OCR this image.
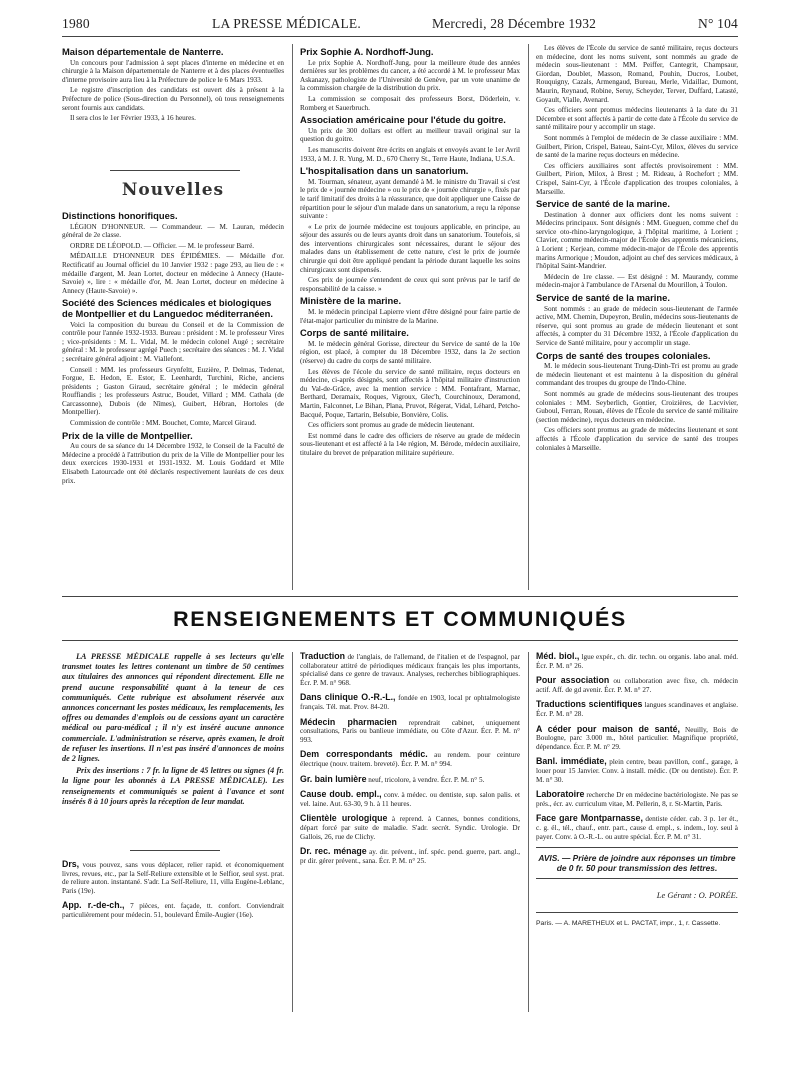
1980	LA PRESSE MÉDICALE.	Mercredi, 28 Décembre 1932	N° 104
Maison départementale de Nanterre.

Un concours pour l'admission à sept places d'interne en médecine et en chirurgie à la Maison départementale de Nanterre et à des places éventuelles d'interne provisoire aura lieu à la Préfecture de police le 6 Mars 1933.

Le registre d'inscription des candidats est ouvert dès à présent à la Préfecture de police (Sous-direction du Personnel), où tous renseignements seront fournis aux candidats.

Il sera clos le 1er Février 1933, à 16 heures.

Nouvelles
Distinctions honorifiques.

LÉGION D'HONNEUR. — Commandeur. — M. Lauran, médecin général de 2e classe.

ORDRE DE LÉOPOLD. — Officier. — M. le professeur Barré.

MÉDAILLE D'HONNEUR DES ÉPIDÉMIES. — Médaille d'or. Rectificatif au Journal officiel du 10 Janvier 1932 : page 293, au lieu de : « médaille d'argent, M. Jean Lortet, docteur en médecine à Annecy (Haute-Savoie) », lire : « médaille d'or, M. Jean Lortet, docteur en médecine à Annecy (Haute-Savoie) ».

Société des Sciences médicales et biologiques de Montpellier et du Languedoc méditerranéen.

Voici la composition du bureau du Conseil et de la Commission de contrôle pour l'année 1932-1933. Bureau : président : M. le professeur Vires ; vice-présidents : M. L. Vidal, M. le médecin colonel Augé ; secrétaire général : M. le professeur agrégé Puech ; secrétaire des séances : M. J. Vidal ; secrétaire général adjoint : M. Viallefont.

Conseil : MM. les professeurs Grynfeltt, Euzière, P. Delmas, Tedenat, Forgue, E. Hedon, E. Estor, E. Leenhardt, Turchini, Riche, anciens présidents ; Gaston Giraud, secrétaire général ; le médecin général Rouffiandis ; les professeurs Astruc, Boudet, Villard ; MM. Cathala (de Carcassonne), Dubois (de Nîmes), Guibert, Hébran, Hortoles (de Montpellier).

Commission de contrôle : MM. Bouchet, Comte, Marcel Giraud.

Prix de la ville de Montpellier.

Au cours de sa séance du 14 Décembre 1932, le Conseil de la Faculté de Médecine a procédé à l'attribution du prix de la Ville de Montpellier pour les deux exercices 1930-1931 et 1931-1932. M. Louis Goddard et Mlle Elisabeth Latourcade ont été déclarés respectivement lauréats de ces deux prix.

Prix Sophie A. Nordhoff-Jung.

Le prix Sophie A. Nordhoff-Jung, pour la meilleure étude des années dernières sur les problèmes du cancer, a été accordé à M. le professeur Max Askanazy, pathologiste de l'Université de Genève, par un vote unanime de la commission chargée de la distribution du prix.

La commission se composait des professeurs Borst, Döderlein, v. Romberg et Sauerbruch.

Association américaine pour l'étude du goitre.

Un prix de 300 dollars est offert au meilleur travail original sur la question du goitre.

Les manuscrits doivent être écrits en anglais et envoyés avant le 1er Avril 1933, à M. J. R. Yung, M. D., 670 Cherry St., Terre Haute, Indiana, U.S.A.

L'hospitalisation dans un sanatorium.

M. Tourman, sénateur, ayant demandé à M. le ministre du Travail si c'est le prix de « journée médecine » ou le prix de « journée chirurgie », fixés par le tarif limitatif des droits à la réassurance, que doit appliquer une Caisse de répartition pour le séjour d'un malade dans un sanatorium, a reçu la réponse suivante :

« Le prix de journée médecine est toujours applicable, en principe, au séjour des assurés ou de leurs ayants droit dans un sanatorium. Toutefois, si des interventions chirurgicales sont nécessaires, durant le séjour des malades dans un établissement de cette nature, c'est le prix de journée chirurgie qui doit être appliqué pendant la période durant laquelle les soins chirurgicaux sont dispensés.

Ces prix de journée s'entendent de ceux qui sont prévus par le tarif de responsabilité de la caisse. »

Ministère de la marine.

M. le médecin principal Lapierre vient d'être désigné pour faire partie de l'état-major particulier du ministre de la Marine.

Corps de santé militaire.

M. le médecin général Gorisse, directeur du Service de santé de la 10e région, est placé, à compter du 18 Décembre 1932, dans la 2e section (réserve) du cadre du corps de santé militaire.

Les élèves de l'école du service de santé militaire, reçus docteurs en médecine, ci-après désignés, sont affectés à l'hôpital militaire d'instruction du Val-de-Grâce, avec la mention service : MM. Fontafrant, Marnac, Berthard, Deramaix, Roques, Vigroux, Glec'h, Courchinoux, Deramond, Martin, Falconnet, Le Bihan, Plana, Pruvot, Régerat, Vidal, Léhard, Petcho-Bacqué, Poque, Tartarin, Belsubie, Bonvière, Colis.

Ces officiers sont promus au grade de médecin lieutenant.

Est nommé dans le cadre des officiers de réserve au grade de médecin sous-lieutenant et est affecté à la 14e région, M. Bérode, médecin auxiliaire, titulaire du brevet de préparation militaire supérieure.

Les élèves de l'École du service de santé militaire, reçus docteurs en médecine, dont les noms suivent, sont nommés au grade de médecin sous-lieutenant : MM. Peiffer, Cantegrit, Champsaur, Giordan, Doublet, Masson, Romand, Pouhin, Ducros, Loubet, Rouquigny, Cazals, Armengaud, Bureau, Merle, Vidaillac, Dumont, Maurin, Reynaud, Robine, Seruy, Scheyder, Terver, Duffard, Latasté, Goyault, Vialle, Avenard.

Ces officiers sont promus médecins lieutenants à la date du 31 Décembre et sont affectés à partir de cette date à l'École du service de santé militaire pour y accomplir un stage.

Sont nommés à l'emploi de médecin de 3e classe auxiliaire : MM. Guilbert, Pirion, Crispel, Bateau, Saint-Cyr, Milox, élèves du service de santé de la marine reçus docteurs en médecine.

Ces officiers auxiliaires sont affectés provisoirement : MM. Guilbert, Pirion, Milox, à Brest ; M. Rideau, à Rochefort ; MM. Crispel, Saint-Cyr, à l'École d'application des troupes coloniales, à Marseille.

Service de santé de la marine.

Destination à donner aux officiers dont les noms suivent : Médecins principaux. Sont désignés : MM. Gueguen, comme chef du service oto-rhino-laryngologique, à l'hôpital maritime, à Lorient ; Clavier, comme médecin-major de l'École des apprentis mécaniciens, à Lorient ; Kerjean, comme médecin-major de l'École des apprentis marins Armorique ; Moudon, adjoint au chef des services médicaux, à l'hôpital Saint-Mandrier.

Médecin de 1re classe. — Est désigné : M. Maurandy, comme médecin-major à l'ambulance de l'Arsenal du Mourillon, à Toulon.

Service de santé de la marine.

Sont nommés : au grade de médecin sous-lieutenant de l'armée active, MM. Chemin, Dupeyron, Brulin, médecins sous-lieutenants de réserve, qui sont promus au grade de médecin lieutenant et sont affectés, à compter du 31 Décembre 1932, à l'École d'application du Service de Santé militaire, pour y accomplir un stage.

Corps de santé des troupes coloniales.

M. le médecin sous-lieutenant Trung-Dinh-Tri est promu au grade de médecin lieutenant et est maintenu à la disposition du général commandant des troupes du groupe de l'Indo-Chine.

Sont nommés au grade de médecins sous-lieutenant des troupes coloniales : MM. Seyberlich, Gontier, Croizières, de Lacvivier, Guboul, Ferran, Rouan, élèves de l'École du service de santé militaire (section médecine), reçus docteurs en médecine.

Ces officiers sont promus au grade de médecins lieutenant et sont affectés à l'École d'application du service de santé des troupes coloniales à Marseille.

RENSEIGNEMENTS ET COMMUNIQUÉS

LA PRESSE MÉDICALE rappelle à ses lecteurs qu'elle transmet toutes les lettres contenant un timbre de 50 centimes aux titulaires des annonces qui répondent directement. Elle ne prend aucune responsabilité quant à la teneur de ces communiqués. Cette rubrique est absolument réservée aux annonces concernant les postes médicaux, les remplacements, les offres ou demandes d'emplois ou de cessions ayant un caractère médical ou para-médical ; il n'y est inséré aucune annonce commerciale. L'administration se réserve, après examen, le droit de refuser les insertions. Il n'est pas inséré d'annonces de moins de 2 lignes.

Prix des insertions : 7 fr. la ligne de 45 lettres ou signes (4 fr. la ligne pour les abonnés à LA PRESSE MÉDICALE). Les renseignements et communiqués se paient à l'avance et sont insérés 8 à 10 jours après la réception de leur mandat.

Drs, vous pouvez, sans vous déplacer, relier rapid. et économiquement livres, revues, etc., par la Self-Reliure extensible et le Selfior, seul syst. prat. de reliure auton. instantané. S'adr. La Self-Reliure, 11, villa Eugène-Leblanc, Paris (19e).

App. r.-de-ch., 7 pièces, ent. façade, tt. confort. Conviendrait particulièrement pour médecin. 51, boulevard Émile-Augier (16e).

Traduction de l'anglais, de l'allemand, de l'italien et de l'espagnol, par collaborateur attitré de périodiques médicaux français les plus importants, spécialisé dans ce genre de travaux. Analyses, recherches bibliographiques. Écr. P. M. n° 968.

Dans clinique O.-R.-L., fondée en 1903, local pr ophtalmologiste français. Tél. mat. Prov. 84-20.

Médecin pharmacien reprendrait cabinet, uniquement consultations, Paris ou banlieue immédiate, ou Côte d'Azur. Écr. P. M. n° 993.

Dem correspondants médic. au rendem. pour ceinture électrique (nouv. traitem. breveté). Écr. P. M. n° 994.

Gr. bain lumière neuf, tricolore, à vendre. Écr. P. M. n° 5.

Cause doub. empl., conv. à médec. ou dentiste, sup. salon palis. et vel. laine. Aut. 63-30, 9 h. à 11 heures.

Clientèle urologique à reprend. à Cannes, bonnes conditions, départ forcé par suite de maladie. S'adr. secrét. Syndic. Urologie. Dr Gallois, 26, rue de Clichy.

Dr. rec. ménage ay. dir. prévent., inf. spéc. pend. guerre, part. angl., pr dir. gérer prévent., sana. Écr. P. M. n° 25.

Méd. biol., lgue expér., ch. dir. techn. ou organis. labo anal. méd. Écr. P. M. n° 26.

Pour association ou collaboration avec fixe, ch. médecin actif. Aff. de gd avenir. Écr. P. M. n° 27.

Traductions scientifiques langues scandinaves et anglaise. Écr. P. M. n° 28.

A céder pour maison de santé, Neuilly, Bois de Boulogne, parc 3.000 m., hôtel particulier. Magnifique propriété, dépendance. Écr. P. M. n° 29.

Banl. immédiate, plein centre, beau pavillon, conf., garage, à louer pour 15 Janvier. Conv. à install. médic. (Dr ou dentiste). Écr. P. M. n° 30.

Laboratoire recherche Dr en médecine bactériologiste. Ne pas se prés., écr. av. curriculum vitae, M. Pellerin, 8, r. St-Martin, Paris.

Face gare Montparnasse, dentiste céder. cab. 3 p. 1er ét., c. g. él., tél., chauf., entr. part., cause d. empl., s. indem., loy. seul à payer. Conv. à O.-R.-L. ou autre spécial. Écr. P. M. n° 31.

AVIS. — Prière de joindre aux réponses un timbre de 0 fr. 50 pour transmission des lettres.
Le Gérant : O. PORÉE.
Paris. — A. MARETHEUX et L. PACTAT, impr., 1, r. Cassette.
